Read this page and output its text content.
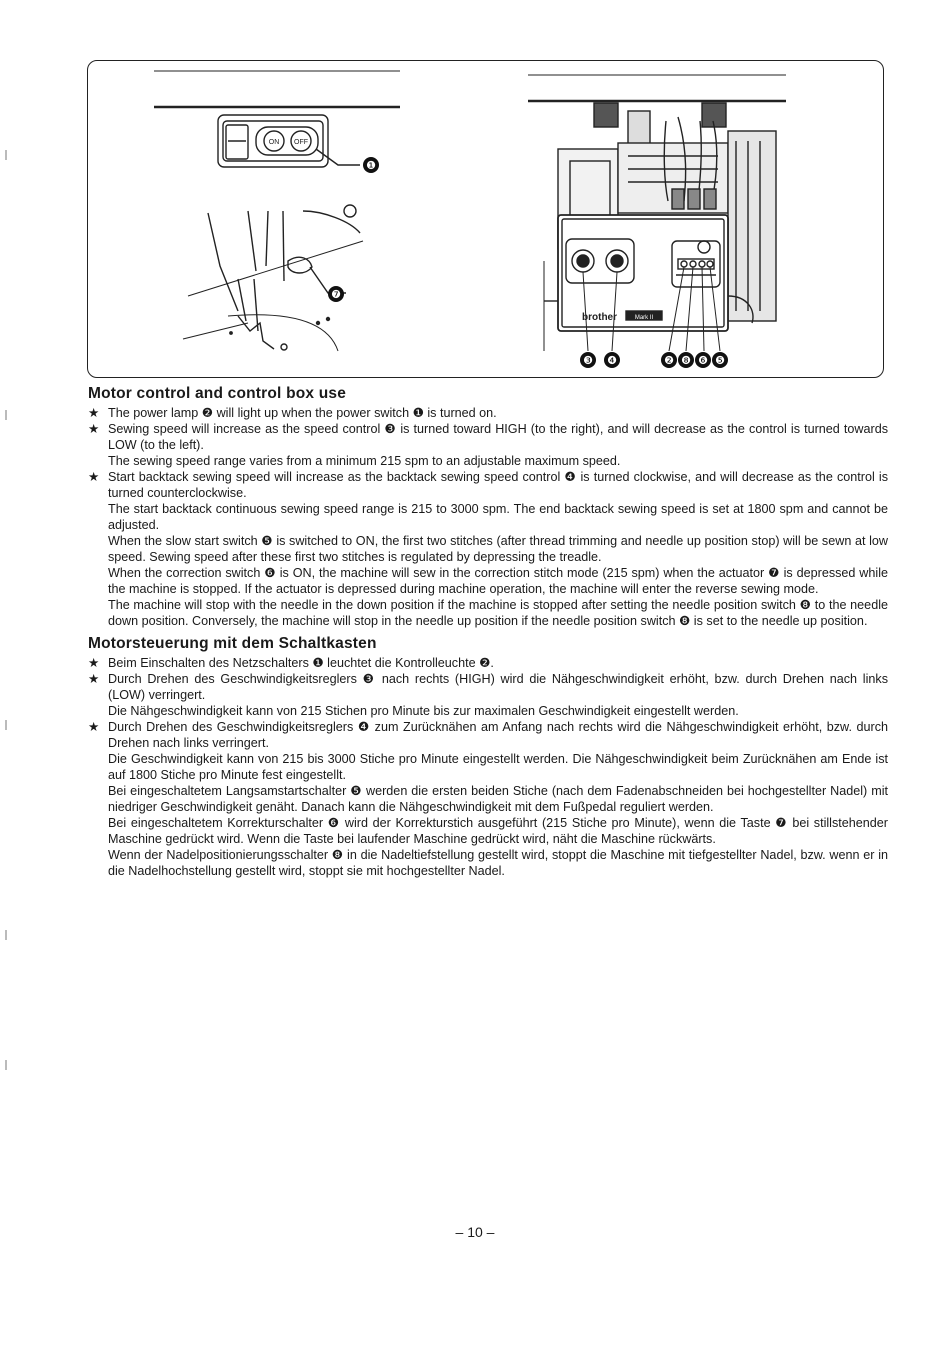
ON OFF
❶
❼
brother	Mark II
❸ ❹	❷ ❽ ❻ ❺
Motor control and control box use
★ The power lamp ❷ will light up when the power switch ❶ is turned on.

★ Sewing speed will increase as the speed control ❸ is turned toward HIGH (to the right), and will decrease as the control is turned towards LOW (to the left).

The sewing speed range varies from a minimum 215 spm to an adjustable maximum speed.

★ Start backtack sewing speed will increase as the backtack sewing speed control ❹ is turned clockwise, and will decrease as the control is turned counterclockwise.

The start backtack continuous sewing speed range is 215 to 3000 spm. The end backtack sewing speed is set at 1800 spm and cannot be adjusted.

When the slow start switch ❺ is switched to ON, the first two stitches (after thread trimming and needle up position stop) will be sewn at low speed. Sewing speed after these first two stitches is regulated by depressing the treadle.

When the correction switch ❻ is ON, the machine will sew in the correction stitch mode (215 spm) when the actuator ❼ is depressed while the machine is stopped. If the actuator is depressed during machine operation, the machine will enter the reverse sewing mode.

The machine will stop with the needle in the down position if the machine is stopped after setting the needle position switch ❽ to the needle down position. Conversely, the machine will stop in the needle up position if the needle position switch ❽ is set to the needle up position.

Motorsteuerung mit dem Schaltkasten
★ Beim Einschalten des Netzschalters ❶ leuchtet die Kontrolleuchte ❷.

★ Durch Drehen des Geschwindigkeitsreglers ❸ nach rechts (HIGH) wird die Nähgeschwindigkeit erhöht, bzw. durch Drehen nach links (LOW) verringert.

Die Nähgeschwindigkeit kann von 215 Stichen pro Minute bis zur maximalen Geschwindigkeit eingestellt werden.

★ Durch Drehen des Geschwindigkeitsreglers ❹ zum Zurücknähen am Anfang nach rechts wird die Nähgeschwindigkeit erhöht, bzw. durch Drehen nach links verringert.

Die Geschwindigkeit kann von 215 bis 3000 Stiche pro Minute eingestellt werden. Die Nähgeschwindigkeit beim Zurücknähen am Ende ist auf 1800 Stiche pro Minute fest eingestellt.

Bei eingeschaltetem Langsamstartschalter ❺ werden die ersten beiden Stiche (nach dem Fadenabschneiden bei hochgestellter Nadel) mit niedriger Geschwindigkeit genäht. Danach kann die Nähgeschwindigkeit mit dem Fußpedal reguliert werden.

Bei eingeschaltetem Korrekturschalter ❻ wird der Korrekturstich ausgeführt (215 Stiche pro Minute), wenn die Taste ❼ bei stillstehender Maschine gedrückt wird. Wenn die Taste bei laufender Maschine gedrückt wird, näht die Maschine rückwärts.

Wenn der Nadelpositionierungsschalter ❽ in die Nadeltiefstellung gestellt wird, stoppt die Maschine mit tiefgestellter Nadel, bzw. wenn er in die Nadelhochstellung gestellt wird, stoppt sie mit hochgestellter Nadel.

– 10 –
